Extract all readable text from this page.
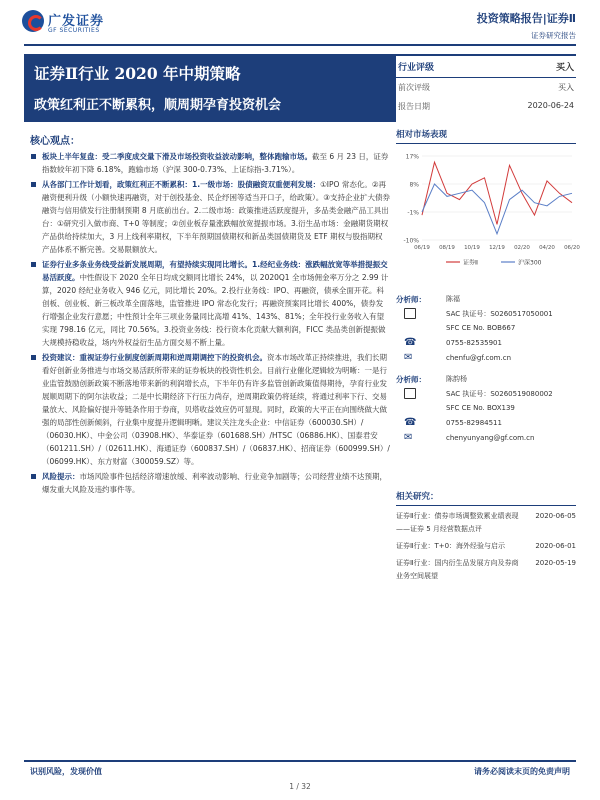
广发证券
GF SECURITIES
投资策略报告|证券Ⅱ
证券研究报告
证券Ⅱ行业 2020 年中期策略
政策红利正不断累积，顺周期孕育投资机会
核心观点：
板块上半年复盘：受二季度成交量下滑及市场投资收益波动影响，整体跑输市场。截至 6 月 23 日，证券指数较年初下降 6.18%，跑输市场（沪深 300-0.73%、上证综指-3.71%）。
从各部门工作计划看，政策红利正不断累积：1.一级市场：股债融资双重便利发展：①IPO 常态化。②再融资便利升级（小额快速再融资，对于创投基金、民企纾困等适当开口子，给政策）。③支持企业扩大债券融资与信用债发行注册制预期 8 月底前出台。2.二级市场：政策推进活跃度提升，多品类金融产品工具出台：①研究引入做市商、T+0 等制度；②创业板存量涨跌幅放宽提振市场。3.衍生品市场：金融期货期权产品供给持续加大，3 月上线利率期权，下半年预期国债期权和新品类国债期货及 ETF 期权与股指期权产品体系不断完善。交易限额放大。
证券行业多条业务线受益新发展周期，有望持续实现同比增长。1.经纪业务线：涨跌幅放宽等举措提振交易活跃度。中性假设下 2020 全年日均成交额同比增长 24%，以 2020Q1 全市场佣金率万分之 2.99 计算，2020 经纪业务收入 946 亿元，同比增长 20%。2.投行业务线：IPO、再融资，债承全面开花。科创板、创业板、新三板改革全面落地，监管推进 IPO 常态化发行；再融资预案同比增长 400%，债券发行增强企业发行意愿；中性预计全年三项业务量同比高增 41%、143%、81%；全年投行业务收入有望实现 798.16 亿元，同比 70.56%。3.投资业务线：投行资本化贡献大额利润，FICC 类品类创新提振做大规模持稳收益，场内外权益衍生品方面交易不断上量。
投资建议：重视证券行业制度创新周期和逆周期调控下的投资机会。资本市场改革正持续推进，我们长期看好创新业务推进与市场交易活跃所带来的证券板块的投资性机会。目前行业催化逻辑较为明晰：一是行业监管鼓励创新政策不断落地带来新的利润增长点，下半年仍有许多监管创新政策值得期待，孕育行业发展顺周期下的阿尔法收益；二是中长期经济下行压力尚存，逆周期政策仍将延续，将通过利率下行、交易量放大、风险偏好提升等链条作用于券商，贝塔收益效应仍可显现。同时，政策的大平正在向围绕做大做强的局部性创新倾斜，行业集中度提升逻辑明晰。建议关注龙头企业：中信证券（600030.SH）/（06030.HK）、中金公司（03908.HK）、华泰证券（601688.SH）/HTSC（06886.HK）、国泰君安（601211.SH）/（02611.HK）、海通证券（600837.SH）/（06837.HK）、招商证券（600999.SH）/（06099.HK）、东方财富（300059.SZ）等。
风险提示：市场风险事件包括经济增速放缓、利率波动影响、行业竞争加剧等；公司经营业绩不达预期，爆发重大风险及违约事件等。
行业评级	买入
前次评级	买入
报告日期	2020-06-24
相对市场表现
17%
8%
-1%
-10%
06/19 08/19 10/19 12/19 02/20 04/20 06/20
证券Ⅱ	沪深300
分析师：	陈福
SAC 执证号：S0260517050001
SFC CE No. BOB667
☎	0755-82535901
✉	chenfu@gf.com.cn
分析师：	陈韵杨
SAC 执证号：S0260519080002
SFC CE No. BOX139
☎	0755-82984511
✉	chenyunyang@gf.com.cn
相关研究：
证券Ⅱ行业：债券市场调整致累业绩表现——证券 5 月经营数据点评
2020-06-05
证券Ⅱ行业：T+0：海外经验与启示	2020-06-01
证券Ⅱ行业：国内衍生品发展方向及券商业务空间展望
2020-05-19
识别风险，发现价值	请务必阅读末页的免责声明
1 / 32
